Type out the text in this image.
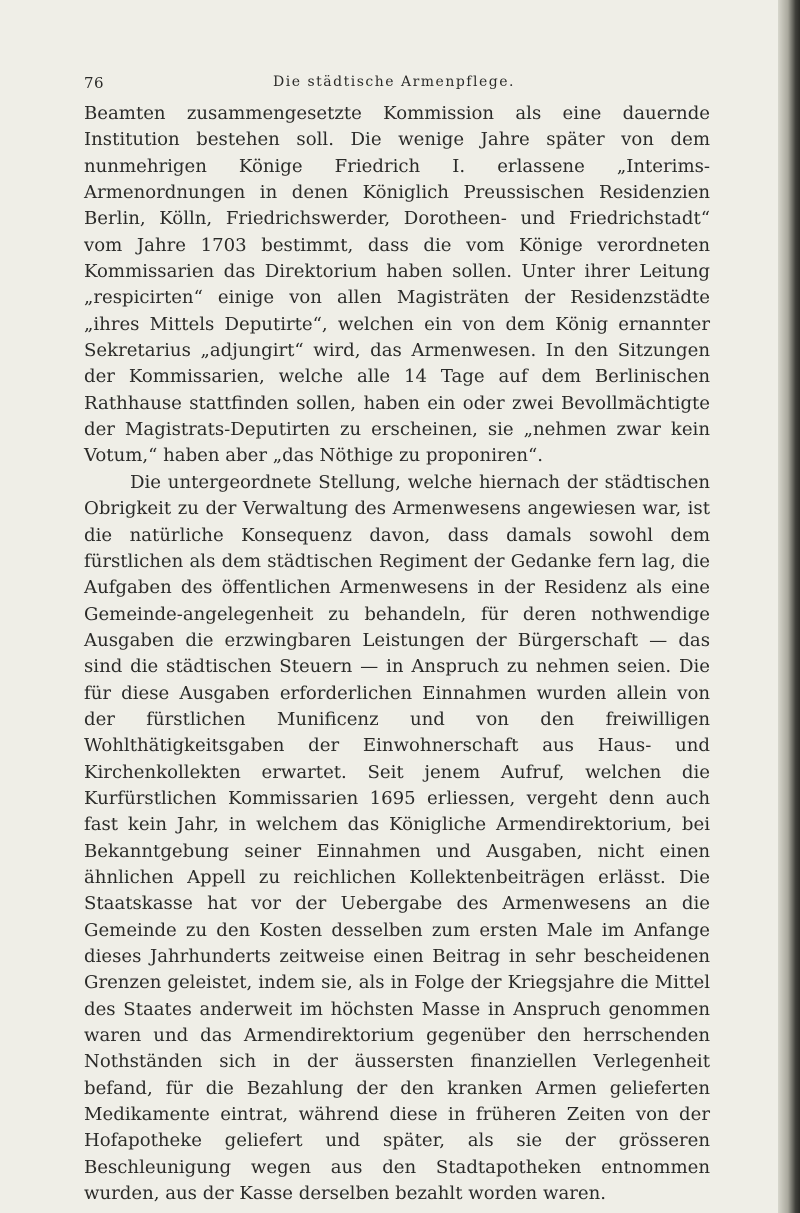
76	Die städtische Armenpflege.

Beamten zusammengesetzte Kommission als eine dauernde Institution bestehen soll. Die wenige Jahre später von dem nunmehrigen Könige Friedrich I. erlassene „Interims-Armenordnungen in denen Königlich Preussischen Residenzien Berlin, Kölln, Friedrichswerder, Dorotheen- und Friedrichstadt“ vom Jahre 1703 bestimmt, dass die vom Könige verordneten Kommissarien das Direktorium haben sollen. Unter ihrer Leitung „respicirten“ einige von allen Magisträten der Residenzstädte „ihres Mittels Deputirte“, welchen ein von dem König ernannter Sekretarius „adjungirt“ wird, das Armenwesen. In den Sitzungen der Kommissarien, welche alle 14 Tage auf dem Berlinischen Rathhause stattfinden sollen, haben ein oder zwei Bevollmächtigte der Magistrats-Deputirten zu erscheinen, sie „nehmen zwar kein Votum,“ haben aber „das Nöthige zu proponiren“.

Die untergeordnete Stellung, welche hiernach der städtischen Obrigkeit zu der Verwaltung des Armenwesens angewiesen war, ist die natürliche Konsequenz davon, dass damals sowohl dem fürstlichen als dem städtischen Regiment der Gedanke fern lag, die Aufgaben des öffentlichen Armenwesens in der Residenz als eine Gemeinde-angelegenheit zu behandeln, für deren nothwendige Ausgaben die erzwingbaren Leistungen der Bürgerschaft — das sind die städtischen Steuern — in Anspruch zu nehmen seien. Die für diese Ausgaben erforderlichen Einnahmen wurden allein von der fürstlichen Munificenz und von den freiwilligen Wohlthätigkeitsgaben der Einwohnerschaft aus Haus- und Kirchenkollekten erwartet. Seit jenem Aufruf, welchen die Kurfürstlichen Kommissarien 1695 erliessen, vergeht denn auch fast kein Jahr, in welchem das Königliche Armendirektorium, bei Bekanntgebung seiner Einnahmen und Ausgaben, nicht einen ähnlichen Appell zu reichlichen Kollektenbeiträgen erlässt. Die Staatskasse hat vor der Uebergabe des Armenwesens an die Gemeinde zu den Kosten desselben zum ersten Male im Anfange dieses Jahrhunderts zeitweise einen Beitrag in sehr bescheidenen Grenzen geleistet, indem sie, als in Folge der Kriegsjahre die Mittel des Staates anderweit im höchsten Masse in Anspruch genommen waren und das Armendirektorium gegenüber den herrschenden Nothständen sich in der äussersten finanziellen Verlegenheit befand, für die Bezahlung der den kranken Armen gelieferten Medikamente eintrat, während diese in früheren Zeiten von der Hofapotheke geliefert und später, als sie der grösseren Beschleunigung wegen aus den Stadtapotheken entnommen wurden, aus der Kasse derselben bezahlt worden waren.
